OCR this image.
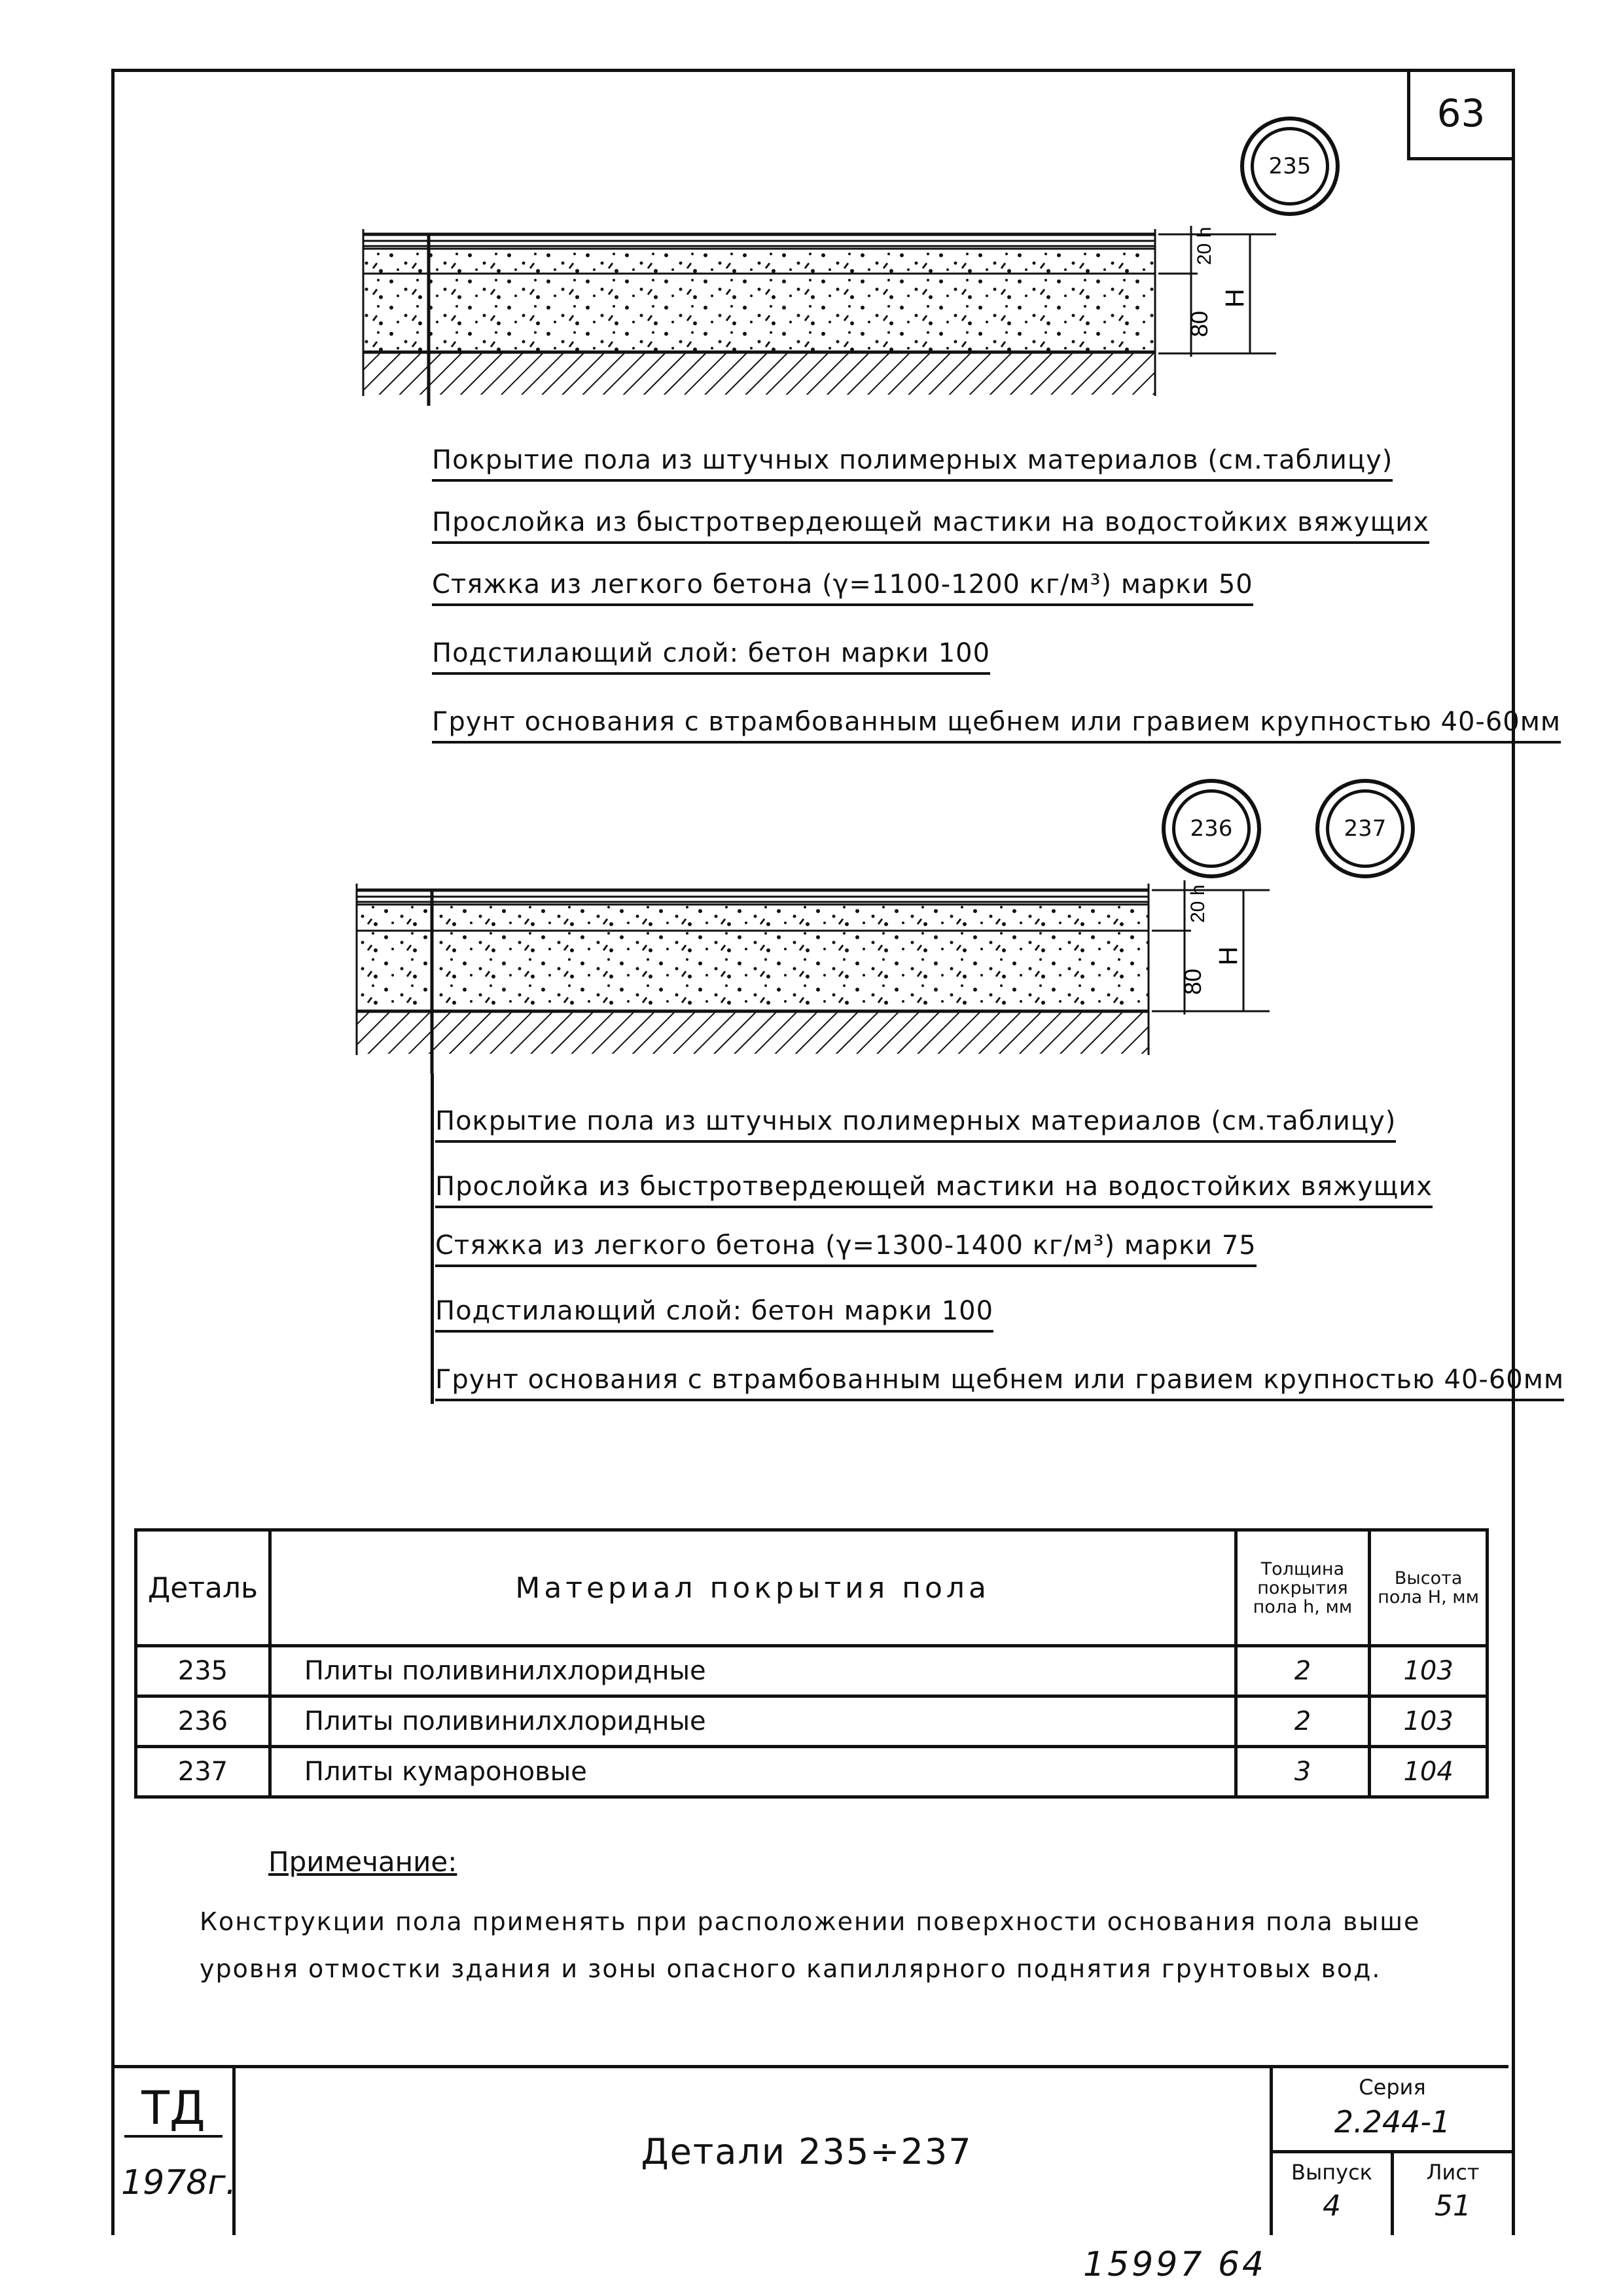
63
235
20 h
80
H
Покрытие пола из штучных полимерных материалов (см.таблицу)
Прослойка из быстротвердеющей мастики на водостойких вяжущих
Стяжка из легкого бетона (γ=1100-1200 кг/м³) марки 50
Подстилающий слой: бетон марки 100
Грунт основания с втрамбованным щебнем или гравием крупностью 40-60мм
236	237
20 h
80
H
Покрытие пола из штучных полимерных материалов (см.таблицу)
Прослойка из быстротвердеющей мастики на водостойких вяжущих
Стяжка из легкого бетона (γ=1300-1400 кг/м³) марки 75
Подстилающий слой: бетон марки 100
Грунт основания с втрамбованным щебнем или гравием крупностью 40-60мм
Деталь	Материал покрытия пола	Толщина покрытия пола h, мм	Высота пола H, мм
235	Плиты поливинилхлоридные	2	103
236	Плиты поливинилхлоридные	2	103
237	Плиты кумароновые	3	104
Примечание:
Конструкции пола применять при расположении поверхности основания пола выше уровня отмостки здания и зоны опасного капиллярного поднятия грунтовых вод.
ТД
1978г.
Детали 235÷237
Серия
2.244-1
Выпуск
4
Лист
51
15997 64
